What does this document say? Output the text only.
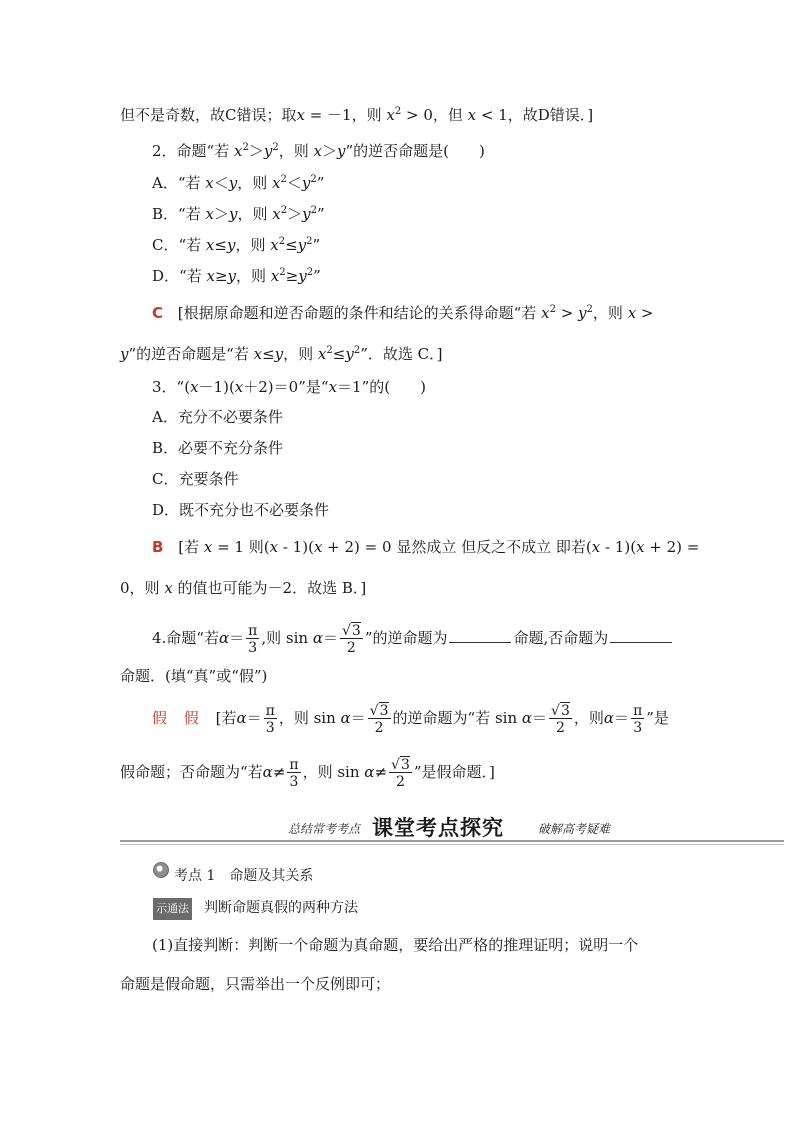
但不是奇数，故C错误；取x = －1，则 $x^2 > 0$，但 x < 1，故D错误．]
2．命题“若 $x^2>y^2$，则 x＞y”的逆否命题是(　　)
A．“若 x＜y，则 $x^2<y^2$”
B．“若 x＞y，则 $x^2>y^2$”
C．“若 x≤y，则 $x^2\le y^2$”
D．“若 x≥y，则 $x^2\ge y^2$”
C [根据原命题和逆否命题的条件和结论的关系得命题“若 $x^2 > y^2$，则 x >
y”的逆否命题是“若 x≤y，则 $x^2\le y^2$”．故选 C．]
3．“(x－1)(x＋2)＝0”是“x＝1”的(　　)
A．充分不必要条件
B．必要不充分条件
C．充要条件
D．既不充分也不必要条件
B [若 x = 1 则(x - 1)(x + 2) = 0 显然成立 但反之不成立 即若(x - 1)(x + 2) =
0，则 x 的值也可能为－2．故选 B．]
4.命题“若$\alpha= \frac{\pi}{3}$ ,则 $\sin \alpha= \frac{√3}{2}$ ”的逆命题为	命题,否命题为
命题．(填“真”或“假”)
假 假 [若$\alpha= \frac{\pi}{3}$ ，则 $\sin \alpha= \frac{√3}{2}$ 的逆命题为“若 $\sin \alpha= \frac{√3}{2}$ ，则$\alpha= \frac{\pi}{3}$ ”是
假命题；否命题为“若$\alpha\ne \frac{\pi}{3}$ ，则 $\sin \alpha\ne \frac{√3}{2}$ ”是假命题．]
总结常考考点 课堂考点探究	破解高考疑难
考点 1　命题及其关系
示通法 判断命题真假的两种方法
(1)直接判断：判断一个命题为真命题，要给出严格的推理证明；说明一个
命题是假命题，只需举出一个反例即可；
